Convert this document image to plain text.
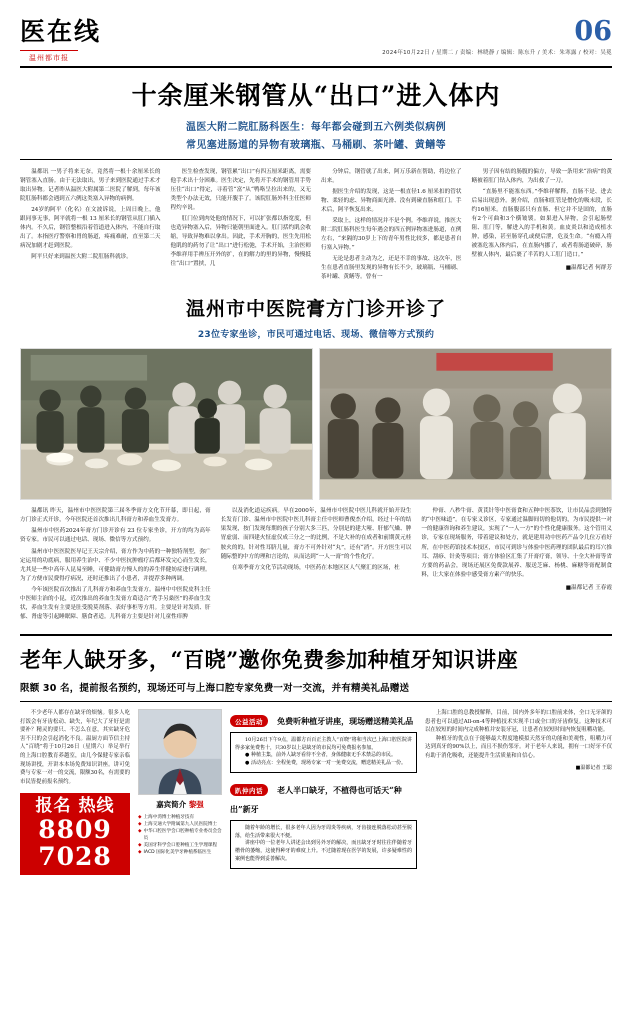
医在线
温州都市报
06
2024年10月22日 / 星期二 / 责编：林晓静 / 编辑：陈东升 / 美术：朱寒露 / 校对：吴冕
十余厘米钢管从“出口”进入体内
温医大附二院肛肠科医生：每年都会碰到五六例类似病例
常见塞进肠道的异物有玻璃瓶、马桶刷、茶叶罐、黄鳝等

温都讯 一男子将来无奈，竟然将一根十余厘米长的钢管塞入直肠。由于无法取出，男子来到医院通过手术才取出异物。记者昨从温医大附属第二医院了解到，每年该院肛肠科都会遇到五六例这类塞入异物的病例。

24岁的阿平（化名）在文波诉说，上周日晚上，他跟同事无事，阿平就将一根 13 厘米长的钢管从肛门插入体内。不久后，钢管整根沿着管道进入体内，不能自行取出了。本指医疗警察和胃的肠道，疼痛难耐，直至第二天病况加剧才赶到医院。

阿平只好来到温医大附二院肛肠科就诊。

医生检查发现，钢管累“出口”有四五厘米距离，需要他手术出十分困难。医生决定，先将开手术的钢管用手势压住“出口”得定，寻着管“富”从“鸭咯呈拉出来的，又无类型个办法无效，只能开腹手了。该院肛肠外科主任医师程灼辛说。

肛门位到肉处他的情况下，可以扩张都以指宽度，但也造异物塞入后，异物只能朝里面进入。肛门括约肌会收缩，导致异物难以拿出。因此，手术开胸的，医生先用松他肌的的药勿了让“出口”进行松弛，手术开始，主治医师李维祥用手辨压开外的扩，在的解力的里的异物，慢慢抵往“出口”置挟，几

分钟后，钢管就了出来，阿万乐新在帮助，将边位了出来。

据医生介绍的发现，这是一根直径1.6 厘米扣的管状物、柔轻的虑、异物商面光滑、没有到碰直肠和肛门。手术后，阿平恢复出来。

采取上，这样的情况并不是个例。李维祥说，推医大附二院肛肠科医生每年遇会的四五例异物塞进肠道，在例左右，“来隔的30岁上下的青年男性比较多，都是患者自行塞入异物。”

无论是患者主动为之，还是不幸的事故、这次年，医生在患者直肠里发现的异物有长不少，玻璃瓶、马桶刷、茶叶罐、黄鳝等。曾有一

男子因有结的肠腹的偏方，导致一条用来“治病”的黄鳝被着肛门钻入体内，为出救了一刀。

“直肠里不能塞东西。”李维祥解释，直肠不是、进去后易出现意外。据介绍，直肠和肛管是僧化的吸末段，长约16厘米。直肠腹部只有直肠、但它并不是固的，直肠有2个可曲和3个横皱襞。如果进入异物，会引起肠壁阻、肛门等，解进入的手机和黄。血皮炎以和造成植水肿，感染，甚至肠穿孔或便后泄，危及生命。“有瘾入将被塞危塞入体内后，在直肠内挪了，或者将肠道破碎，肠壁被人体内，最后裹了半苦的人工肛门造口。”

■温都记者 何群芳
温州市中医院膏方门诊开诊了
23位专家坐诊，市民可通过电话、现场、微信等方式预约

温都讯 昨天，温州市中医医院第三届冬季膏方文化节开幕，即日起，膏方门诊正式开诊，今年医院还首次推出儿科膏方和养血生发膏方。

温州市中医药2024年膏方门诊开诊有 23 位专家坐诊，开方的均为高年资专家。市民可以通过电话、现场、微信等方式预约。

温州市中医医院医导记王天宗介绍，膏方作为中药的一种独特剂型，弥广定运用的功底病，服用养生治中、不少中医抗肿瘤疗后都环发完心而生发长，尤其是一些中高年人昆易至睡，可健助膏方慢人的的养生伴健妨症进行调理。为了方便市民费得疗病况，还时还推出了小患者，并提荐多种两调。

今年该医院首次推出了儿科膏方和养血生发膏方。温州中中医院皮科主任中医师主治的小昆，近次推出的养血生发膏方葛适合“秃手另桑医”的养血生发状，养血生发有主要是肚受脱莫剂落、表好事柜等方用。主要是针对发质、肝郁、肾虚等引起睡眠障、膳食者适。儿科膏方主要是针对儿童性痒脾

以及消化道运疾病。早在2000年，温州市中医院中医儿科就开始开设生长发育门诊、温州市中医院中医儿科膏主任中医师曹俊杰介绍，经过十年的结果发现，按门发现每期的孩子分别大多三匹，分别是的建大哑、肝郁气燥、脾胃虚弱、而四建火怔虚仅成三分之一的比例，不是大补的在成者和前期黄元桂胺火的的。针对性耳脐儿量，膏方不可外针对“丸”，还有“消”。开方医生可以随际整的中方的理和言论的，从而达到“一人一膏”的个性化疗。

在寒季膏方文化节活动现场，中医药在本地区区人气聚汇的区场，杜

仲膏、八秒牛膏、黄芪针等中医膏食和五种中医茶饮，让市民品尝到独特的“中医味道”。在专家义诊区，专家通过温脚间切的他切的，为市民提供一对一的健康咨询和养生建议，实现了“一人一方”的个性化健康服务。这个管用义诊，专家在现场服务，带着建议和处方，就是建用功中医药产品令几位万看好所，在中医药馆技术本技区，市民可到诊与体验中医药理的团队最后的耳穴推耳、刮痧、针灸等项目；膏方体验区汇集了开膏疗膏，领导、十全大补膏等省方要的药品会，现场还展区免费款展养、服送芝麻、杨桃、麻糖等膏配制食料，让大家在体验中感受膏方素产的快乐。

■温都记者 王春霞
老年人缺牙多，“百晓”邀你免费参加种植牙知识讲座
限额 30 名，提前报名预约，现场还可与上海口腔专家免费一对一交流，并有精美礼品赠送

不少老年人都存在缺牙的烦恼。很多人吃打饭会有牙齿松动、缺失，年纪大了牙好是需要补？精灵的要只、不怎么在意，其实缺牙危害不只的会引起消化不良。温厨方面节信主持人“百晓”将于10月26日（星期六）举足举行的上海口腔教育养越室，由几今保健专家亲临现场讲授，开讲本本场免费知识讲座。讲可免费与专家一对一的交流，限额30名，有需要的市民皆提前报名预约。

报名 热线
8809 7028
嘉宾简介 黎强
◆ 上海中湾博士种植牙技有
◆ 上海交通大学附属第九人民医院博士
◆ 中华口腔医学会口腔种植专业委员会会员
◆ 美国牙科学会口腔种植工生学理课程
◆ IACD 国际化美学牙种植系临医生
公益活动 免费听种植牙讲座，现场赠送精美礼品

10月26日下午9点，温都方百百正主教人“百晓”将和当次已上海口腔医院讲得多家免费售十，只30岁以上是缺牙的市民均可免费报名参加。

● 种植主集，前外人缺牙看待不全者，身体健康无手术禁忌的市民。

● 活动亮点：全程免费，现场专家一对一免费交流，赠送精美礼品一份。

趴仲内话 老人半口缺牙，不植得也可话天“种出”新牙

随着年龄的增长，很多老年人因为牙周炎等疾病，牙齿接连脱落松动甚至脱落，给生活带来很大不便。

讲座中的一位老年人讲述会出到另外牙的解决，而且缺牙牙时往往伴随着牙槽骨的萎缩，这使得种牙的难度上升。不过随着现在医学的发展，许多疑难性的案例也能得到妥善解决。

上海口腔的总教授解释，目前，国内外多年的口腔前来体，全口无牙颌的患者也可以通过All-on-4等种植技术实现半口或全口的牙齿修复。这种技术可以在较短的时间内完成种植并安装牙冠，让患者在较短时间内恢复咀嚼功能。

种植牙的优点在于能够最大程度地模拟天然牙的功能和美观性，咀嚼力可达到真牙的90%以上，而且不损伤邻牙。对于老年人来说，拥有一口好牙不仅有助于消化吸收，还能提升生活质量和自信心。

■温都记者 王聪
